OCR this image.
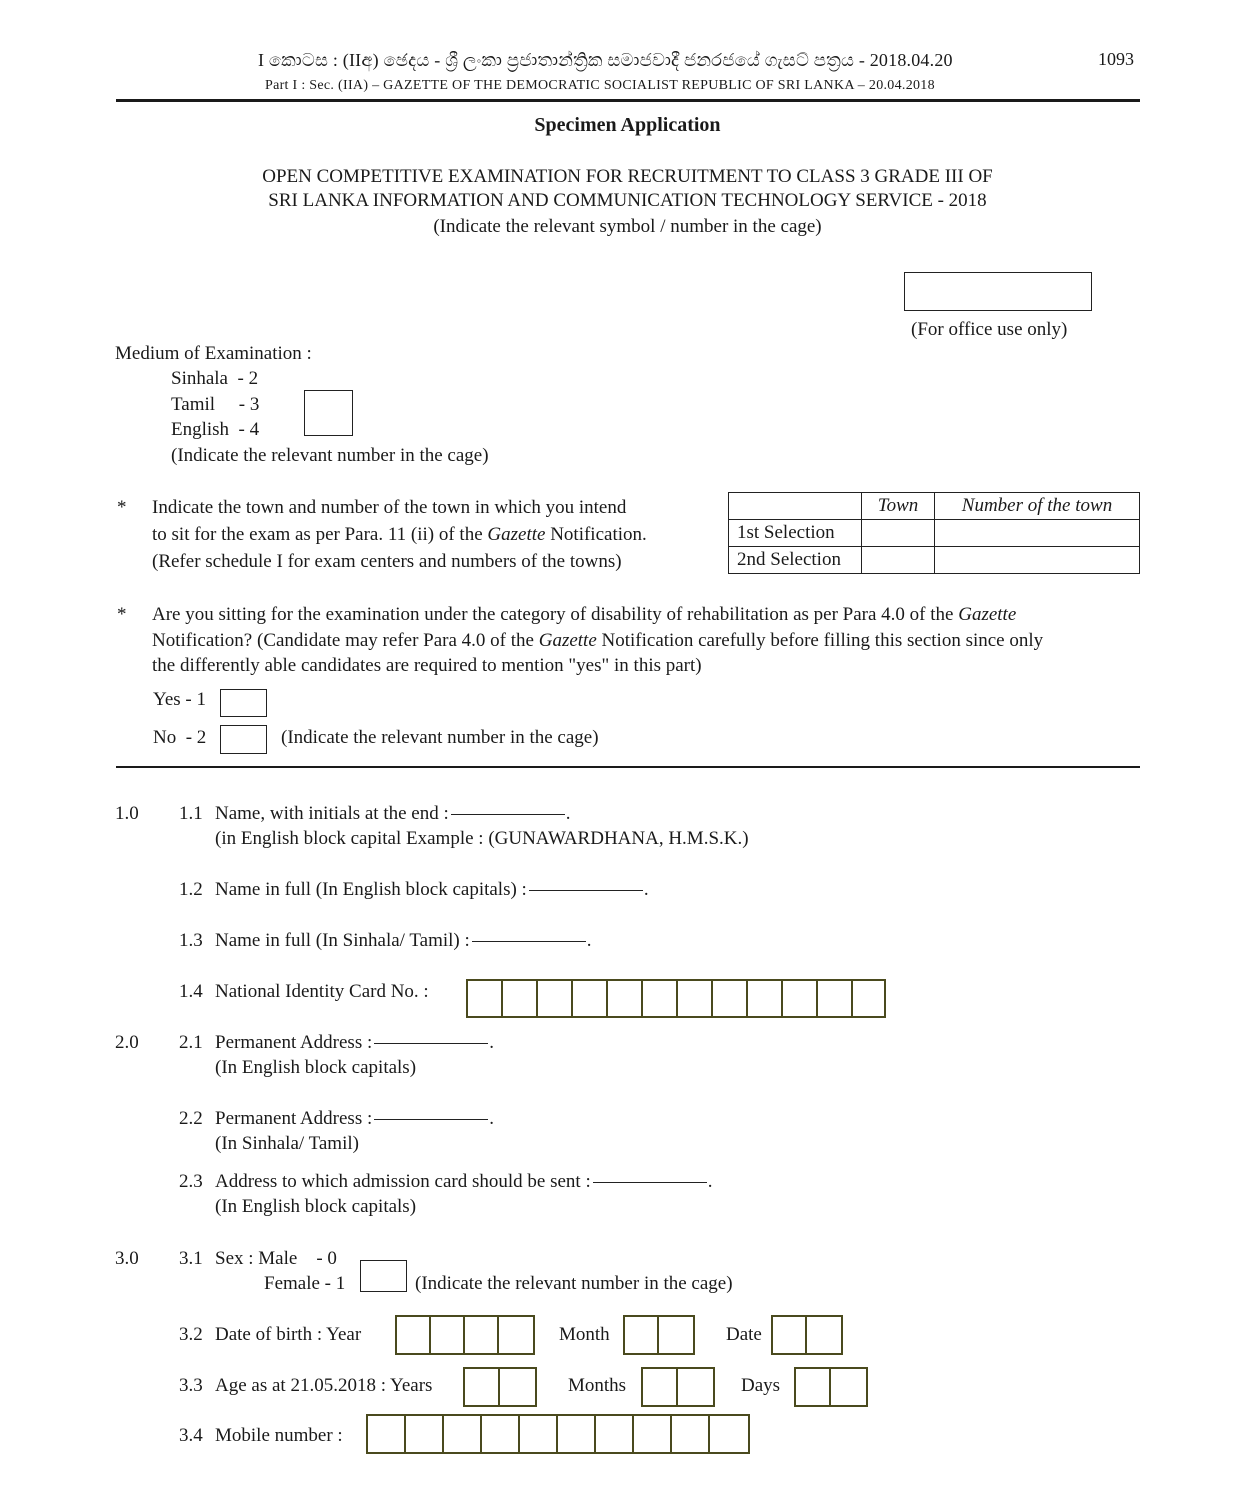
I කොටස : (IIඅ) ඡෙදය - ශ්‍රී ලංකා ප්‍රජාතාන්ත්‍රික සමාජවාදී ජනරජයේ ගැසට් පත්‍රය - 2018.04.20	1093
Part I : Sec. (IIA) – GAZETTE OF THE DEMOCRATIC SOCIALIST REPUBLIC OF SRI LANKA – 20.04.2018
Specimen Application
OPEN COMPETITIVE EXAMINATION FOR RECRUITMENT TO CLASS 3 GRADE III OF
SRI LANKA INFORMATION AND COMMUNICATION TECHNOLOGY SERVICE - 2018
(Indicate the relevant symbol / number in the cage)
(For office use only)
Medium of Examination :
Sinhala  - 2
Tamil     - 3
English  - 4
(Indicate the relevant number in the cage)
* Indicate the town and number of the town in which you intend
to sit for the exam as per Para. 11 (ii) of the Gazette Notification.
(Refer schedule I for exam centers and numbers of the towns)
	Town	Number of the town
1st Selection		
2nd Selection		
* Are you sitting for the examination under the category of disability of rehabilitation as per Para 4.0 of the Gazette
Notification? (Candidate may refer Para 4.0 of the Gazette Notification carefully before filling this section since only
the differently able candidates are required to mention "yes" in this part)
Yes - 1
No  - 2	(Indicate the relevant number in the cage)
1.0 1.1 Name, with initials at the end :	.
(in English block capital Example : (GUNAWARDHANA, H.M.S.K.)
1.2 Name in full (In English block capitals) :	.
1.3 Name in full (In Sinhala/ Tamil) :	.
1.4 National Identity Card No. :
2.0 2.1 Permanent Address :	.
(In English block capitals)
2.2 Permanent Address :	.
(In Sinhala/ Tamil)
2.3 Address to which admission card should be sent :	.
(In English block capitals)
3.0 3.1 Sex : Male    - 0
Female - 1	(Indicate the relevant number in the cage)
3.2 Date of birth : Year	Month	Date
3.3 Age as at 21.05.2018 : Years	Months	Days
3.4 Mobile number :
